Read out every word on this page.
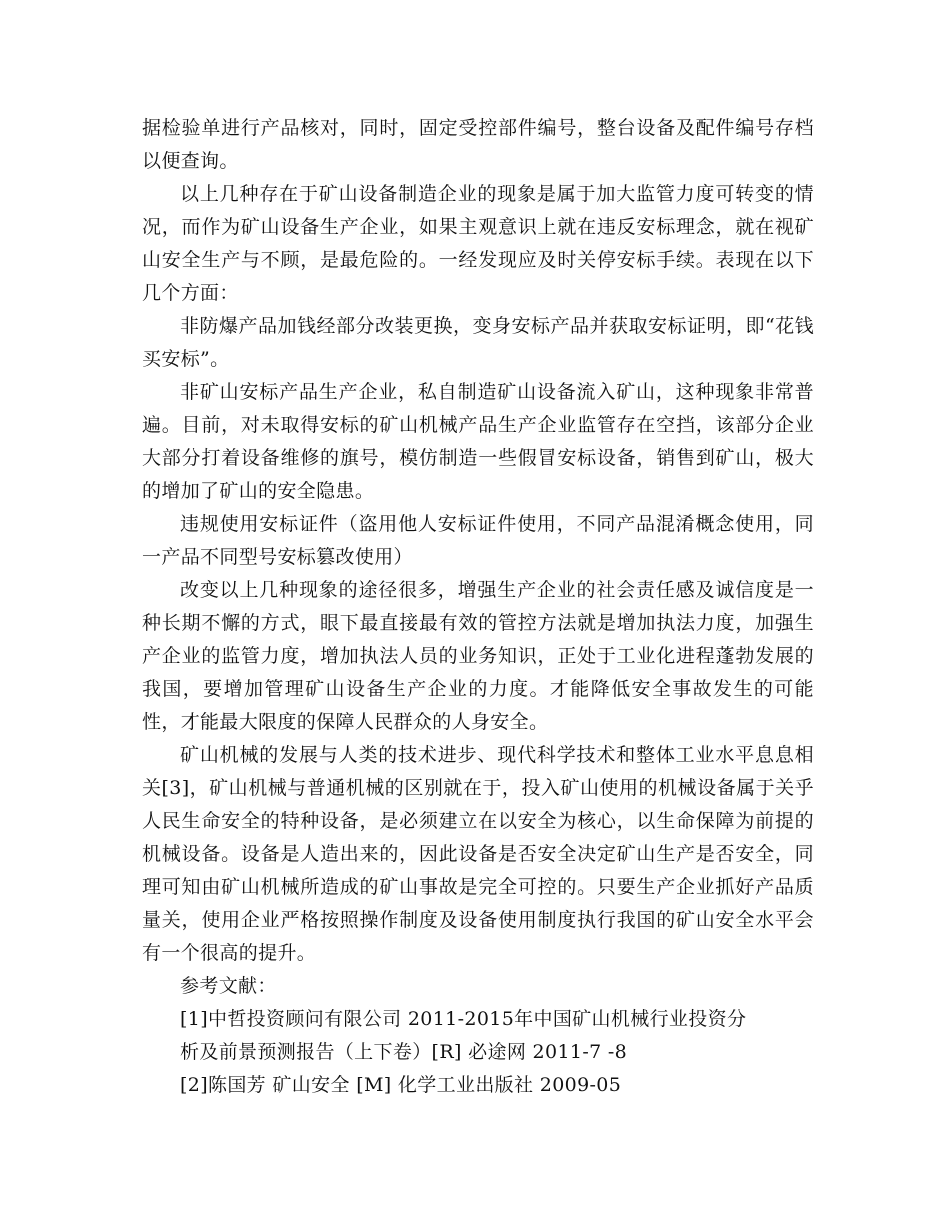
据检验单进行产品核对，同时，固定受控部件编号，整台设备及配件编号存档以便查询。

以上几种存在于矿山设备制造企业的现象是属于加大监管力度可转变的情况，而作为矿山设备生产企业，如果主观意识上就在违反安标理念，就在视矿山安全生产与不顾，是最危险的。一经发现应及时关停安标手续。表现在以下几个方面：

非防爆产品加钱经部分改装更换，变身安标产品并获取安标证明，即“花钱买安标”。

非矿山安标产品生产企业，私自制造矿山设备流入矿山，这种现象非常普遍。目前，对未取得安标的矿山机械产品生产企业监管存在空挡，该部分企业大部分打着设备维修的旗号，模仿制造一些假冒安标设备，销售到矿山，极大的增加了矿山的安全隐患。

违规使用安标证件（盗用他人安标证件使用，不同产品混淆概念使用，同一产品不同型号安标篡改使用）

改变以上几种现象的途径很多，增强生产企业的社会责任感及诚信度是一种长期不懈的方式，眼下最直接最有效的管控方法就是增加执法力度，加强生产企业的监管力度，增加执法人员的业务知识，正处于工业化进程蓬勃发展的我国，要增加管理矿山设备生产企业的力度。才能降低安全事故发生的可能性，才能最大限度的保障人民群众的人身安全。

矿山机械的发展与人类的技术进步、现代科学技术和整体工业水平息息相关[3]，矿山机械与普通机械的区别就在于，投入矿山使用的机械设备属于关乎人民生命安全的特种设备，是必须建立在以安全为核心，以生命保障为前提的机械设备。设备是人造出来的，因此设备是否安全决定矿山生产是否安全，同理可知由矿山机械所造成的矿山事故是完全可控的。只要生产企业抓好产品质量关，使用企业严格按照操作制度及设备使用制度执行我国的矿山安全水平会有一个很高的提升。

参考文献：

[1]中哲投资顾问有限公司 2011-2015年中国矿山机械行业投资分
析及前景预测报告（上下卷）[R] 必途网 2011-7 -8
[2]陈国芳 矿山安全 [M] 化学工业出版社 2009-05
